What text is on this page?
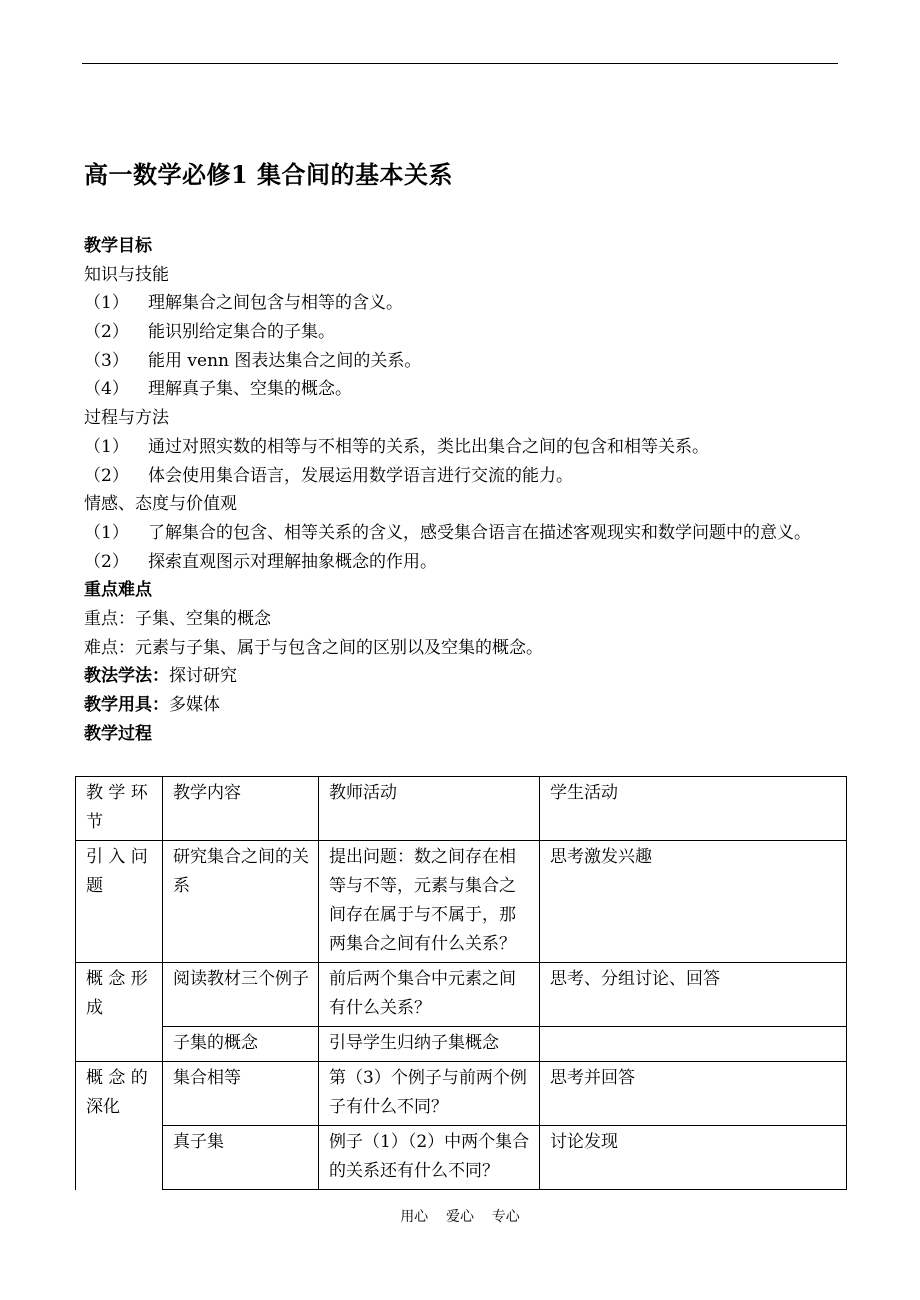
高一数学必修1 集合间的基本关系
教学目标
知识与技能
（1）	理解集合之间包含与相等的含义。
（2）	能识别给定集合的子集。
（3）	能用 venn 图表达集合之间的关系。
（4）	理解真子集、空集的概念。
过程与方法
（1）	通过对照实数的相等与不相等的关系，类比出集合之间的包含和相等关系。
（2）	体会使用集合语言，发展运用数学语言进行交流的能力。
情感、态度与价值观
（1）	了解集合的包含、相等关系的含义，感受集合语言在描述客观现实和数学问题中的意义。
（2）	探索直观图示对理解抽象概念的作用。
重点难点
重点：子集、空集的概念
难点：元素与子集、属于与包含之间的区别以及空集的概念。
教法学法：探讨研究
教学用具：多媒体
教学过程
教 学 环 节	教学内容	教师活动	学生活动
引 入 问 题	研究集合之间的关系	提出问题：数之间存在相等与不等，元素与集合之间存在属于与不属于，那两集合之间有什么关系？	思考激发兴趣
概 念 形 成	阅读教材三个例子	前后两个集合中元素之间有什么关系？	思考、分组讨论、回答
	子集的概念	引导学生归纳子集概念	
概 念 的 深化	集合相等	第（3）个例子与前两个例子有什么不同？	思考并回答
	真子集	例子（1）（2）中两个集合的关系还有什么不同？	讨论发现
用心    爱心    专心
